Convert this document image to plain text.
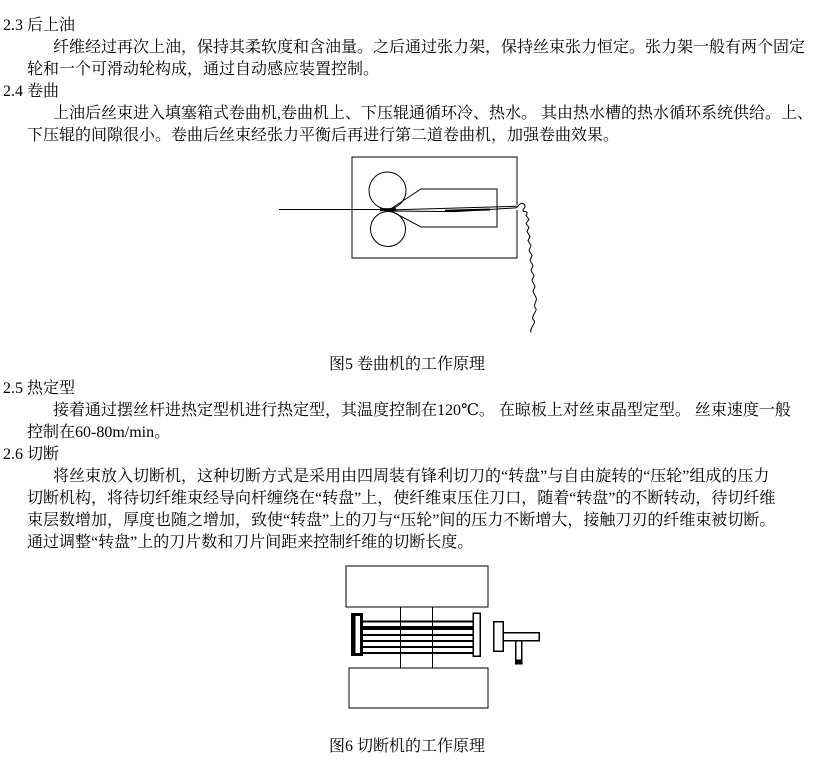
2.3 后上油
纤维经过再次上油，保持其柔软度和含油量。之后通过张力架，保持丝束张力恒定。张力架一般有两个固定
轮和一个可滑动轮构成，通过自动感应装置控制。
2.4 卷曲
上油后丝束进入填塞箱式卷曲机,卷曲机上、下压辊通循环冷、热水。 其由热水槽的热水循环系统供给。上、
下压辊的间隙很小。卷曲后丝束经张力平衡后再进行第二道卷曲机，加强卷曲效果。
图5 卷曲机的工作原理
2.5 热定型
接着通过摆丝杆进热定型机进行热定型，其温度控制在120℃。 在晾板上对丝束晶型定型。 丝束速度一般
控制在60-80m/min。
2.6 切断
将丝束放入切断机，这种切断方式是采用由四周装有锋利切刀的“转盘”与自由旋转的“压轮”组成的压力
切断机构，将待切纤维束经导向杆缠绕在“转盘”上，使纤维束压住刀口，随着“转盘”的不断转动，待切纤维
束层数增加，厚度也随之增加，致使“转盘”上的刀与“压轮”间的压力不断增大，接触刀刃的纤维束被切断。
通过调整“转盘”上的刀片数和刀片间距来控制纤维的切断长度。
图6 切断机的工作原理
